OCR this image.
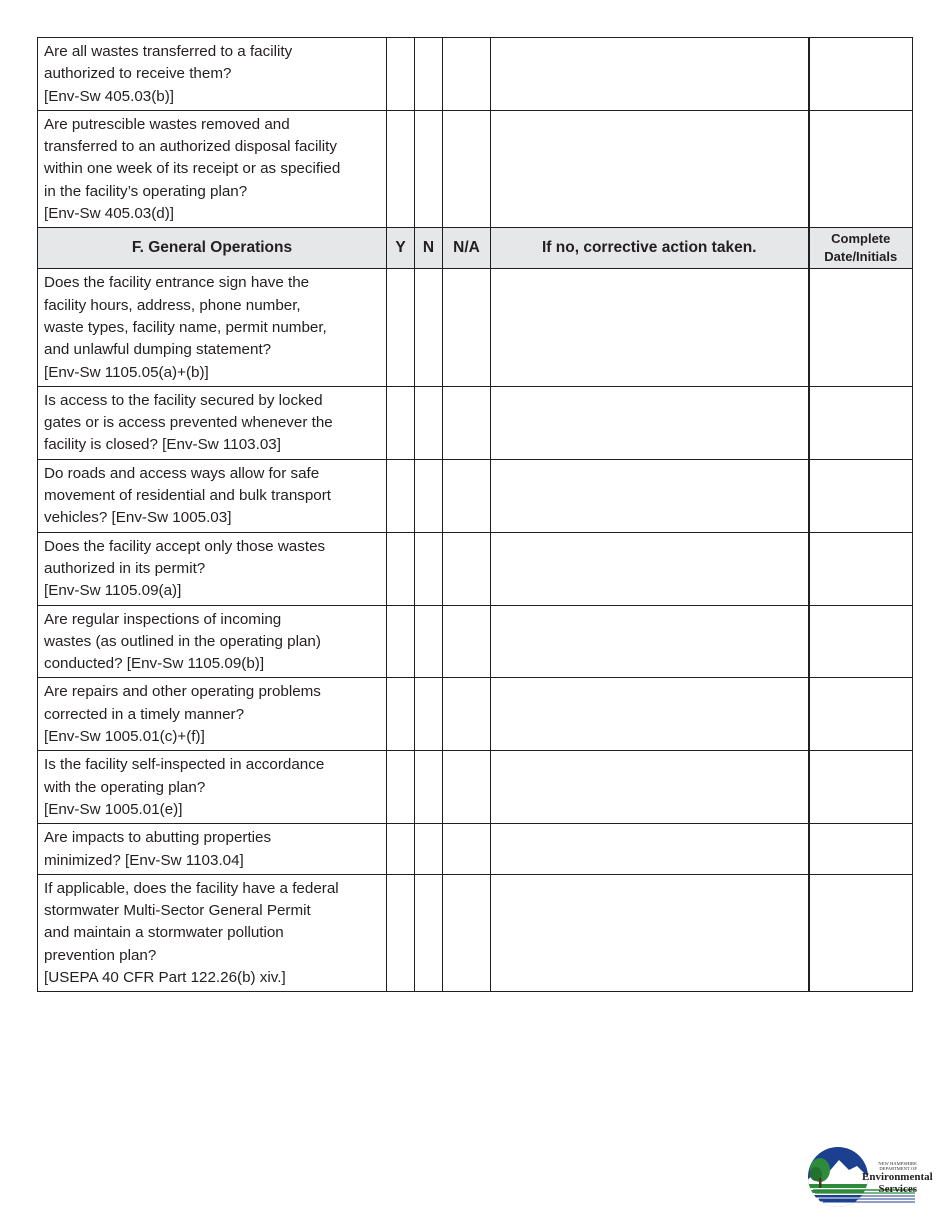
Are all wastes transferred to a facility
authorized to receive them?
[Env-Sw 405.03(b)]					

Are putrescible wastes removed and
transferred to an authorized disposal facility
within one week of its receipt or as specified
in the facility’s operating plan?
[Env-Sw 405.03(d)]					

F. General Operations	Y	N	N/A	If no, corrective action taken.	Complete
Date/Initials

Does the facility entrance sign have the
facility hours, address, phone number,
waste types, facility name, permit number,
and unlawful dumping statement?
[Env-Sw 1105.05(a)+(b)]					

Is access to the facility secured by locked
gates or is access prevented whenever the
facility is closed? [Env-Sw 1103.03]					

Do roads and access ways allow for safe
movement of residential and bulk transport
vehicles? [Env-Sw 1005.03]					

Does the facility accept only those wastes
authorized in its permit?
[Env-Sw 1105.09(a)]					

Are regular inspections of incoming
wastes (as outlined in the operating plan)
conducted? [Env-Sw 1105.09(b)]					

Are repairs and other operating problems
corrected in a timely manner?
[Env-Sw 1005.01(c)+(f)]					

Is the facility self-inspected in accordance
with the operating plan?
[Env-Sw 1005.01(e)]					

Are impacts to abutting properties
minimized? [Env-Sw 1103.04]					

If applicable, does the facility have a federal
stormwater Multi-Sector General Permit
and maintain a stormwater pollution
prevention plan?
[USEPA 40 CFR Part 122.26(b) xiv.]					

NEW HAMPSHIRE
DEPARTMENT OF
Environmental
Services
